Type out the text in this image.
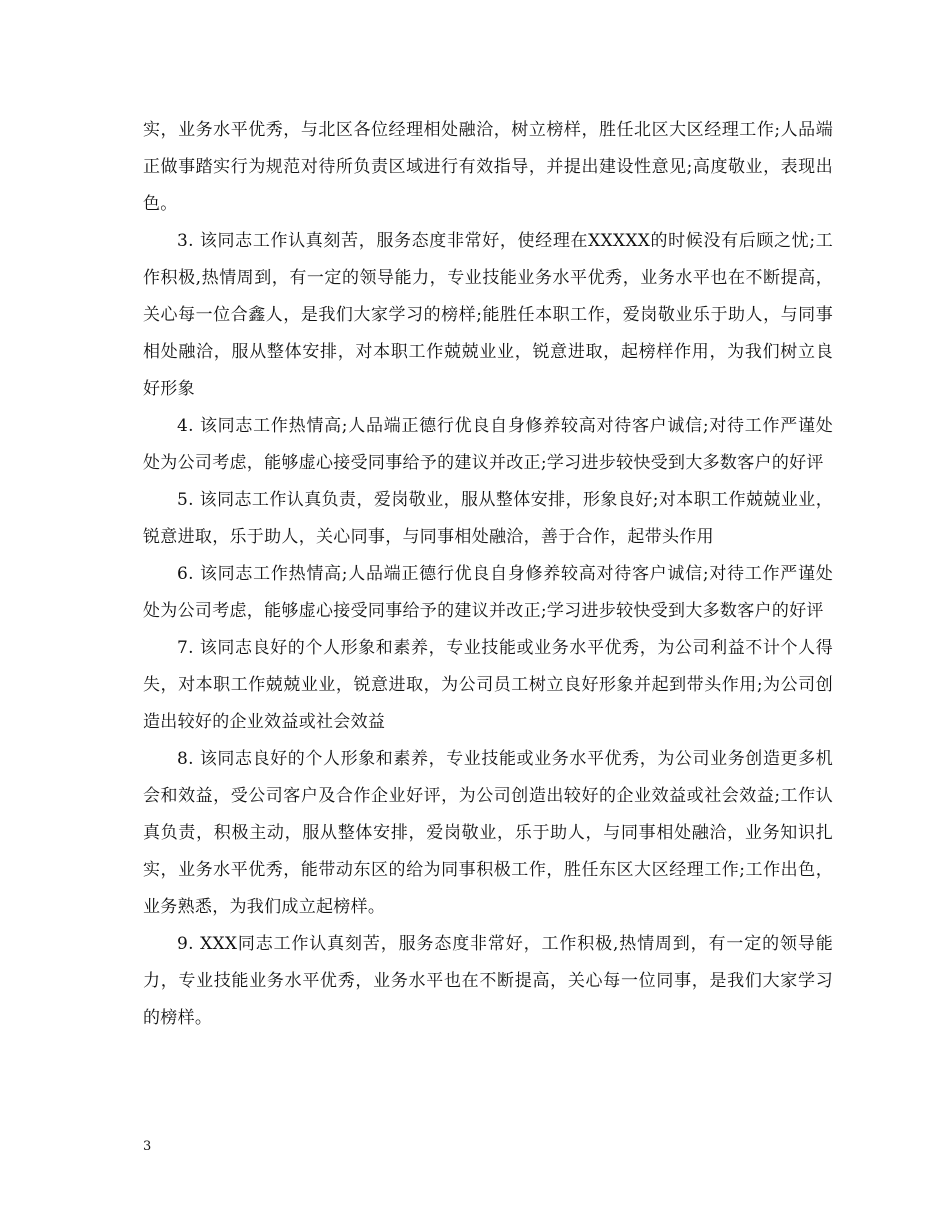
实，业务水平优秀，与北区各位经理相处融洽，树立榜样，胜任北区大区经理工作;人品端正做事踏实行为规范对待所负责区域进行有效指导，并提出建设性意见;高度敬业，表现出色。

3. 该同志工作认真刻苦，服务态度非常好，使经理在XXXXX的时候没有后顾之忧;工作积极,热情周到，有一定的领导能力，专业技能业务水平优秀，业务水平也在不断提高，关心每一位合鑫人，是我们大家学习的榜样;能胜任本职工作，爱岗敬业乐于助人，与同事相处融洽，服从整体安排，对本职工作兢兢业业，锐意进取，起榜样作用，为我们树立良好形象

4. 该同志工作热情高;人品端正德行优良自身修养较高对待客户诚信;对待工作严谨处处为公司考虑，能够虚心接受同事给予的建议并改正;学习进步较快受到大多数客户的好评

5. 该同志工作认真负责，爱岗敬业，服从整体安排，形象良好;对本职工作兢兢业业，锐意进取，乐于助人，关心同事，与同事相处融洽，善于合作，起带头作用

6. 该同志工作热情高;人品端正德行优良自身修养较高对待客户诚信;对待工作严谨处处为公司考虑，能够虚心接受同事给予的建议并改正;学习进步较快受到大多数客户的好评

7. 该同志良好的个人形象和素养，专业技能或业务水平优秀，为公司利益不计个人得失，对本职工作兢兢业业，锐意进取，为公司员工树立良好形象并起到带头作用;为公司创造出较好的企业效益或社会效益

8. 该同志良好的个人形象和素养，专业技能或业务水平优秀，为公司业务创造更多机会和效益，受公司客户及合作企业好评，为公司创造出较好的企业效益或社会效益;工作认真负责，积极主动，服从整体安排，爱岗敬业，乐于助人，与同事相处融洽，业务知识扎实，业务水平优秀，能带动东区的给为同事积极工作，胜任东区大区经理工作;工作出色，业务熟悉，为我们成立起榜样。

9. XXX同志工作认真刻苦，服务态度非常好，工作积极,热情周到，有一定的领导能力，专业技能业务水平优秀，业务水平也在不断提高，关心每一位同事，是我们大家学习的榜样。

3
